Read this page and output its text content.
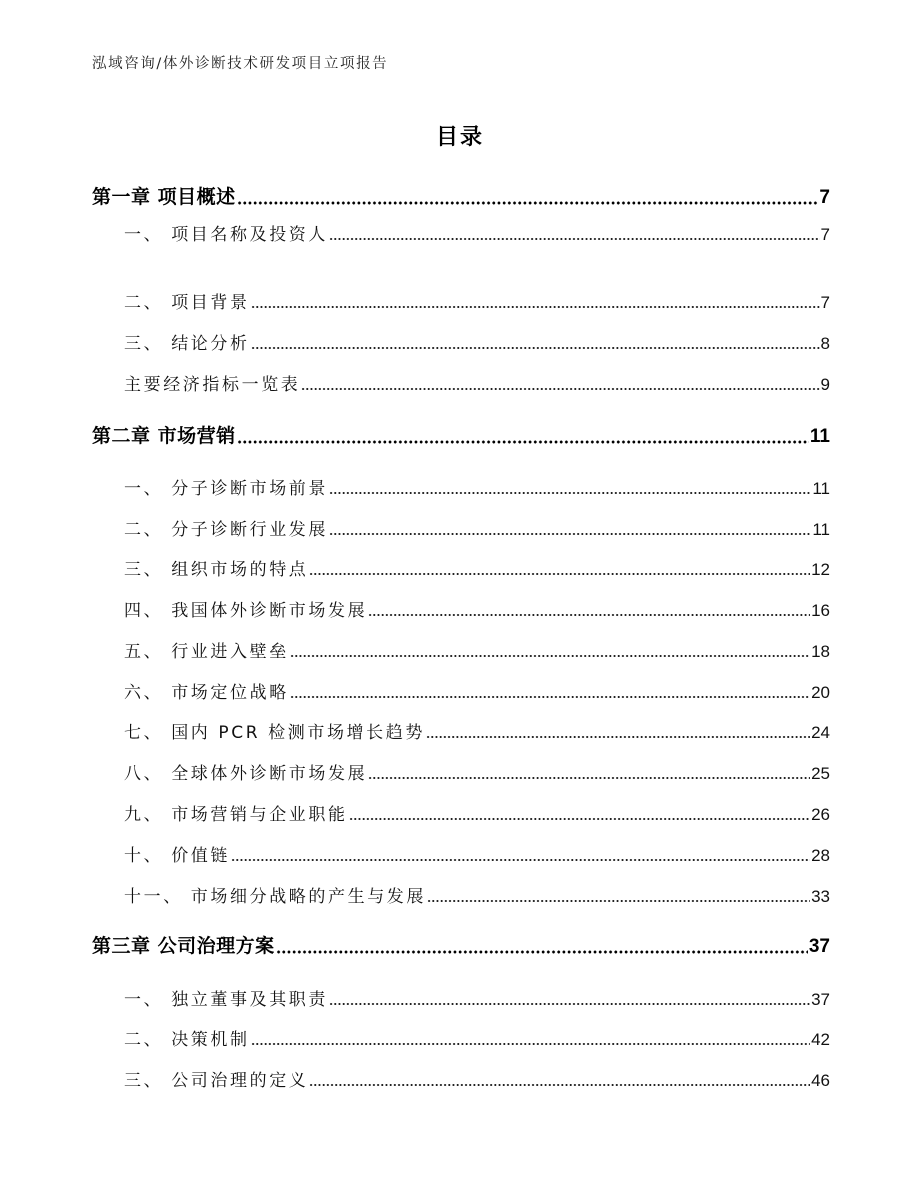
泓域咨询/体外诊断技术研发项目立项报告
目录
第一章 项目概述	7
一、 项目名称及投资人	7
二、 项目背景	7
三、 结论分析	8
主要经济指标一览表	9
第二章 市场营销	11
一、 分子诊断市场前景	11
二、 分子诊断行业发展	11
三、 组织市场的特点	12
四、 我国体外诊断市场发展	16
五、 行业进入壁垒	18
六、 市场定位战略	20
七、 国内 PCR 检测市场增长趋势	24
八、 全球体外诊断市场发展	25
九、 市场营销与企业职能	26
十、 价值链	28
十一、 市场细分战略的产生与发展	33
第三章 公司治理方案	37
一、 独立董事及其职责	37
二、 决策机制	42
三、 公司治理的定义	46
